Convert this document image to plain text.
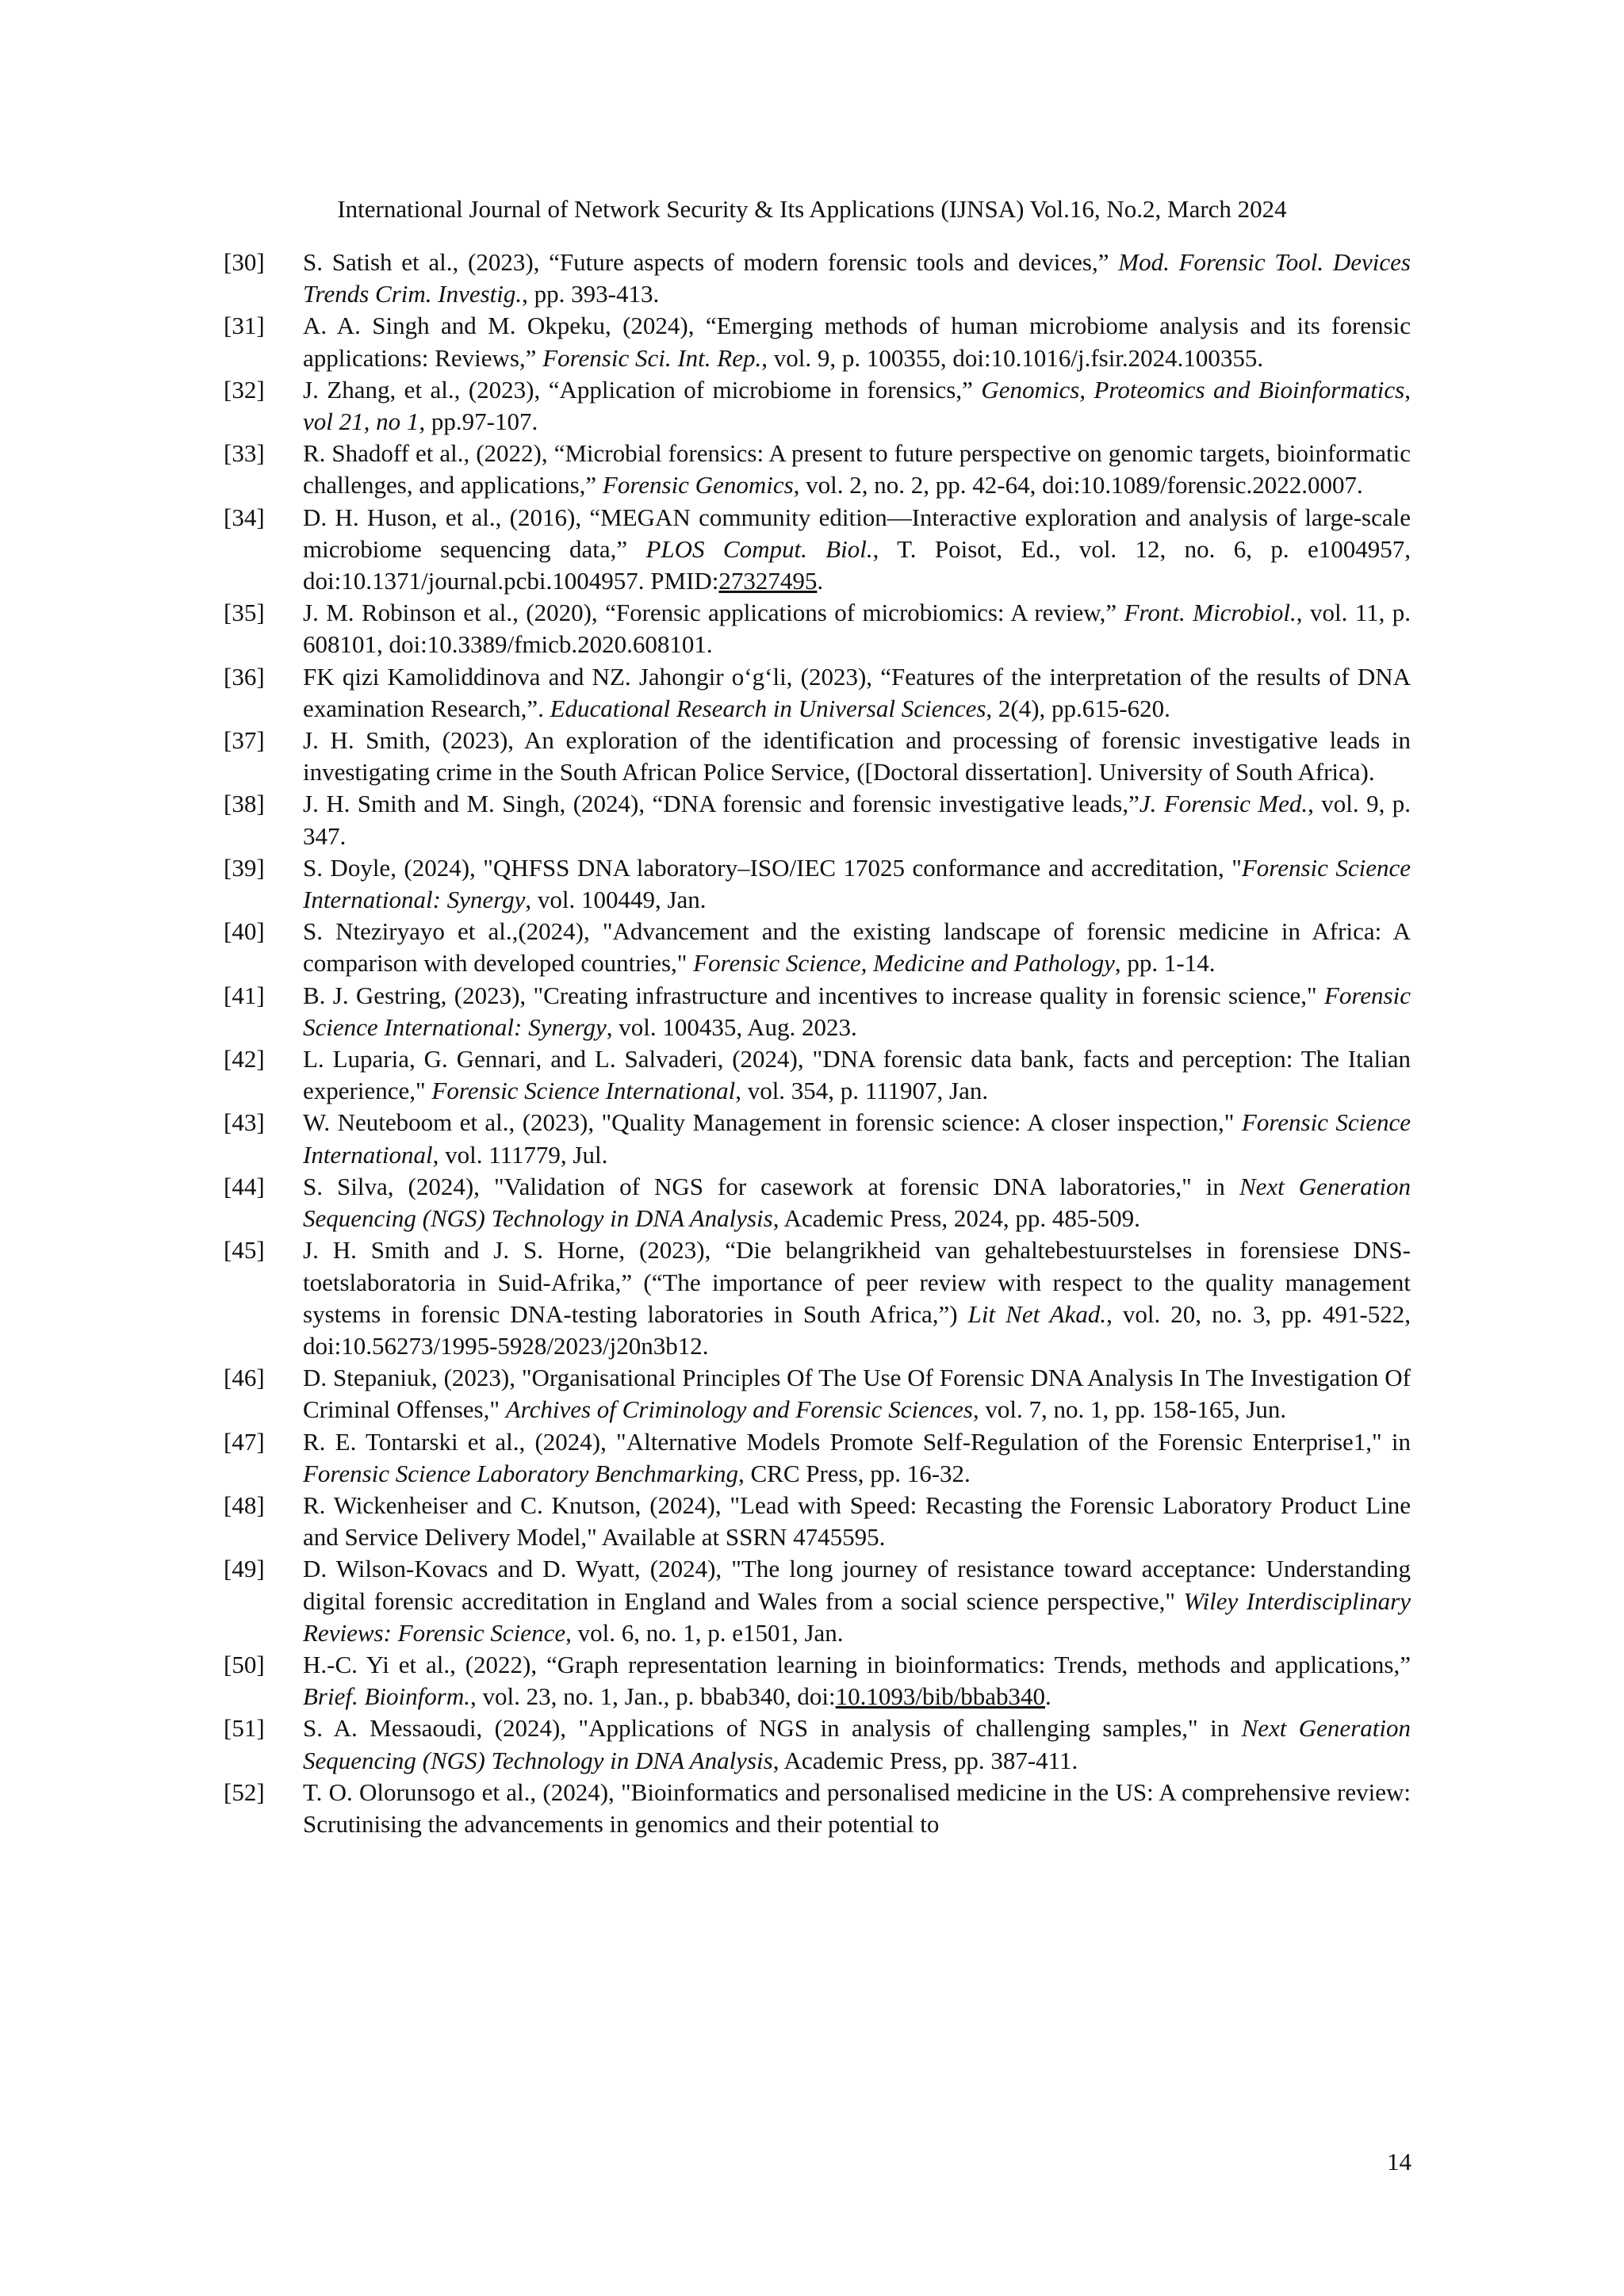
International Journal of Network Security & Its Applications (IJNSA) Vol.16, No.2, March 2024
[30] S. Satish et al., (2023), “Future aspects of modern forensic tools and devices,” Mod. Forensic Tool. Devices Trends Crim. Investig., pp. 393-413.
[31] A. A. Singh and M. Okpeku, (2024), “Emerging methods of human microbiome analysis and its forensic applications: Reviews,” Forensic Sci. Int. Rep., vol. 9, p. 100355, doi:10.1016/j.fsir.2024.100355.
[32] J. Zhang, et al., (2023), “Application of microbiome in forensics,” Genomics, Proteomics and Bioinformatics, vol 21, no 1, pp.97-107.
[33] R. Shadoff et al., (2022), “Microbial forensics: A present to future perspective on genomic targets, bioinformatic challenges, and applications,” Forensic Genomics, vol. 2, no. 2, pp. 42-64, doi:10.1089/forensic.2022.0007.
[34] D. H. Huson, et al., (2016), “MEGAN community edition—Interactive exploration and analysis of large-scale microbiome sequencing data,” PLOS Comput. Biol., T. Poisot, Ed., vol. 12, no. 6, p. e1004957, doi:10.1371/journal.pcbi.1004957. PMID:27327495.
[35] J. M. Robinson et al., (2020), “Forensic applications of microbiomics: A review,” Front. Microbiol., vol. 11, p. 608101, doi:10.3389/fmicb.2020.608101.
[36] FK qizi Kamoliddinova and NZ. Jahongir o‘g‘li, (2023), “Features of the interpretation of the results of DNA examination Research,”. Educational Research in Universal Sciences, 2(4), pp.615-620.
[37] J. H. Smith, (2023), An exploration of the identification and processing of forensic investigative leads in investigating crime in the South African Police Service, ([Doctoral dissertation]. University of South Africa).
[38] J. H. Smith and M. Singh, (2024), “DNA forensic and forensic investigative leads,”J. Forensic Med., vol. 9, p. 347.
[39] S. Doyle, (2024), "QHFSS DNA laboratory–ISO/IEC 17025 conformance and accreditation, "Forensic Science International: Synergy, vol. 100449, Jan.
[40] S. Nteziryayo et al.,(2024), "Advancement and the existing landscape of forensic medicine in Africa: A comparison with developed countries," Forensic Science, Medicine and Pathology, pp. 1-14.
[41] B. J. Gestring, (2023), "Creating infrastructure and incentives to increase quality in forensic science," Forensic Science International: Synergy, vol. 100435, Aug. 2023.
[42] L. Luparia, G. Gennari, and L. Salvaderi, (2024), "DNA forensic data bank, facts and perception: The Italian experience," Forensic Science International, vol. 354, p. 111907, Jan.
[43] W. Neuteboom et al., (2023), "Quality Management in forensic science: A closer inspection," Forensic Science International, vol. 111779, Jul.
[44] S. Silva, (2024), "Validation of NGS for casework at forensic DNA laboratories," in Next Generation Sequencing (NGS) Technology in DNA Analysis, Academic Press, 2024, pp. 485-509.
[45] J. H. Smith and J. S. Horne, (2023), “Die belangrikheid van gehaltebestuurstelses in forensiese DNS-toetslaboratoria in Suid-Afrika,” (“The importance of peer review with respect to the quality management systems in forensic DNA-testing laboratories in South Africa,”) Lit Net Akad., vol. 20, no. 3, pp. 491-522, doi:10.56273/1995-5928/2023/j20n3b12.
[46] D. Stepaniuk, (2023), "Organisational Principles Of The Use Of Forensic DNA Analysis In The Investigation Of Criminal Offenses," Archives of Criminology and Forensic Sciences, vol. 7, no. 1, pp. 158-165, Jun.
[47] R. E. Tontarski et al., (2024), "Alternative Models Promote Self-Regulation of the Forensic Enterprise1," in Forensic Science Laboratory Benchmarking, CRC Press, pp. 16-32.
[48] R. Wickenheiser and C. Knutson, (2024), "Lead with Speed: Recasting the Forensic Laboratory Product Line and Service Delivery Model," Available at SSRN 4745595.
[49] D. Wilson-Kovacs and D. Wyatt, (2024), "The long journey of resistance toward acceptance: Understanding digital forensic accreditation in England and Wales from a social science perspective," Wiley Interdisciplinary Reviews: Forensic Science, vol. 6, no. 1, p. e1501, Jan.
[50] H.-C. Yi et al., (2022), “Graph representation learning in bioinformatics: Trends, methods and applications,” Brief. Bioinform., vol. 23, no. 1, Jan., p. bbab340, doi:10.1093/bib/bbab340.
[51] S. A. Messaoudi, (2024), "Applications of NGS in analysis of challenging samples," in Next Generation Sequencing (NGS) Technology in DNA Analysis, Academic Press, pp. 387-411.
[52] T. O. Olorunsogo et al., (2024), "Bioinformatics and personalised medicine in the US: A comprehensive review: Scrutinising the advancements in genomics and their potential to
14
